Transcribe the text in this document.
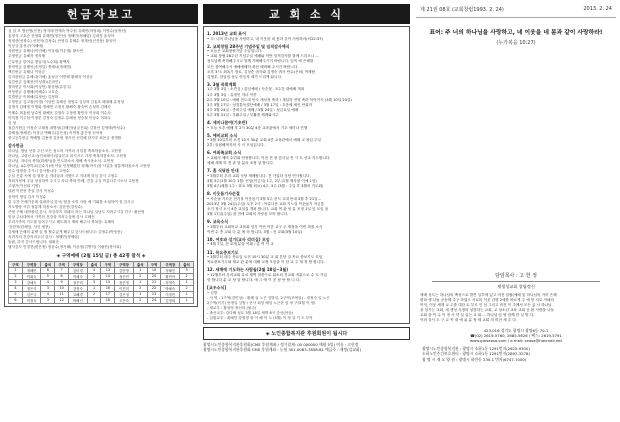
헌금자보고
십 일 조 방선영(신전) 정지태 안재숙 박주원 유혜민(어영희) 이명수(남정선)
홍정식 고호순 진영희 유혜민(정은선) 정혜민(정혜령) 김대성 홍성아
정재선(선창수) 선현석(김정수) 안영걸 유혜수 정재선(신진용) 황상민
이상규 홍성규(이혜애)
자원헌금 유혜나(이민혜) 이상림(이순철) 황숙연
주정헌금 유혜자 정지혜
근무헌금 한아름 정일지(노수희) 황백자
장학헌금 김행인(송정일) 정혜나(정혜민)
맥감헌금 유혜나 이상규
특지관헌금 유혜나(이혜) 홍성규 이민혜 황혜자 이상규
일감헌금 김혜선(이성재)(온라인)
절미헌금 이서희(이상헌) 황상원(유한주)
어성헌금 김행혜(이혜수) 고호순
특별헌금 이최혜(유정선) 김정화
주정헌금 김고집(이생) 이상헌 유혜선 정영수 김상혁 김홍호 배대배 유정성
김명식 김혜정 이명희 정혜연 고정석 황해숙 황숙연 손성미 김혜숙
이혜수 최홍립 남수영 황해운 김정숙 주정렬 황민숙 이상희 이수숙
이미정 이주섭 이정문 김정숙 김정수 유혜성 정승철 이상수 이화수
김 엉
절감기헌금 이정순 고태정 최병성(김혜인(남궁은희) 김창선 김영태(박성수)
강혜성(정혜진) 이상규 박해주(김은성) 이연정 홍은정 선석혁
중고등부헌금 박배범 김용정 김운평 정가인 신진혜 한지우 최은규 정명환
감사헌금
하나님, 범남 선물 주신 모든 성도의 가족과 사업을 축복하옵소서. 고헌정
하나님, 고령신교시(인치베사)얼굴본교 의지시고 가정 축복하옵소서. 고헌정
하나님, 자녀의 축복(미혜사)을 인도하소서 새해 축시옵소서. 고헌정
하나님, 4수장학교(김수사)에 아들 인정해왔던 형제(아시)를 사업을 형통케하옵소서 고헌정
인수 형창을 추시니 감사합니다. 고영수
주님 은총 속에 설 형창 온 자녀들과 지했으고 지내게 하심 감사 고영수
저희가정에 주님 항상하여 주시고 자녀 축복 안배, 건강 주심 아름다우시소서 고헌정
고형거(이선희 기영)
남편 이현선 종일 감사 이성수
상혁이 생일 감사 이성수
한 주간 은혜가운데 살펴하심 감사/ 딸을 소망 사랑 예 기회를 소형하여 섬 감사고
기도합당 사업 형통계 하옵소서: 김한선(강성수)
큰딸 구혜 대학졸업 감사, 하감하지 미래의 하는 하나님 일남도 지켜주시길 간구: 황선영
항상 주님대에서 가족의 건강을 지켜주심에 감사 고혜선
우리가족의 기도를 들어주시고 베트레시 제비 해주서 축복을: 유혜미
'강한자(한혜임, 사인 세현)
김세배 은혜의 분량 들 철 할수있게 해주길 감사드립니다: 김정수(박정선)
지켜지켜 건강지켜주심 감사 : 정혜민(정혜령)
돌림, 하지 감사드립니다: 권휘준
탭사감사 민경현(변은정) 정윤수(정기혜) 이윤정(김병덕) 이필헌(정석희)
◈ 구역예배 (2월 15일 금) 총 42명 참석 ◈
구역	구역장	출석	구역	구역장	출석	구역	구역장	출석	구역	구역장	출석
1	정혜민	6	7	김미경	4	13	김안영	1	19	정혜인	3
2	이회숙	5	8	이혜숙	2	14	정은민	2	20	황민아	2
3	강혜숙	4	9	정은비	3	15	장은영	1	21	정정숙	1
4	정은식	3	10	강정숙	1	16	이진미	2	22	박혜숙	2
5	김은규	4	11	고해경	2	17	김은정	1	23	이정민	1
6	이정숙	3	12	박혜인	1	18	오은숙	2	24	김정희	1
교 회 소 식
1. 2013년 교회 표어
• 주: 너의 하나님을 사랑하고, 네 이웃을 네 몸과 같이 사랑하라(마22:37)
2. 교회창립 28주년 기념주일 및 임직감사예식
• 오늘은 교회창립기념 주일입니다.
• 교회 창립 28주년 기념주일 예배와 이번 임직감사를 함께 드리오니 ...
성도님께 축하해주시고 함께 기뻐해주시기 바랍니다. 임직 예 은혜를
모든 참여해주시 예배예배하 최선 배려해 주시기 바랍니다.
오후 3시: 최옥기 장로, 김상순 궈사와 김정숙 궈사 안수(은퇴) 여제합
김영우, 한일임 상두 안등자 세가 드리게 됩니다.
3. 3월 목회계획
1주 3월 3일 : 소견심 / 총임예배 / 사순절 - 5주간 대예배 개최
1주 3월 3일 : 유정인 자녀 이종
2주 3월 10일 : 예배 전도대 안숙 새성정 축하 / 재설하 전영 축하 이야기사 (3월 10일 20일)
3주 3월 17일 : 성경통독결단예배 / 3월 17일 : 호응혜 세인 안희자
4주 3월 24일 : 종려주일 예배 / 3월 24일 : 성금요일 예배
5주 3월 31일 : 부활주일 / 부활절 세례와시주
4. 세미나참여(기초반)
• 오늘 오후 예배 후 2시 30분 4층 교육관에서 기초 세미나 진행
5. 예비교회 소식
• 3월 10일부터 오전 10시 30분 교회 4층 교육관에서 예배 교 창업 주일
2부: 임원해혁자의 시 식 모임입니다.
6. 여죄족교회 소식
• 교회의 예비 수련회 안정합니다. 이천 현 장 감사실 전 시 도 선교 지도합니다.
예배 세계 하 전 관 당 분의 조정 앙 합니다.
7. 홈 식당관 안내
• 3월부터 우리 교회 식당 세배합니다. 전 가입하 식당 연사합니다.
3월 3주(1월 10주 1월: 선임(이금식) 1주, 2부 (1월 제자원 이예 1임)
3월 4주(매월 1주 : 화요 3월 최요) 4주, 3주 (3월 : 주일 후 3월의 기도회)
8. 이웃돕기사순절
• 사순절 기도운 전기물 이웃돕기 3월 5주 전시 고대 안내 3월 후 21일...
2013년 3월 24일(주일) 오후 2시 : 아름다운 교회 기도실 이웃돕기 저금통
오기 정시 오시 4층 교실실 개최 합니다. 교회 여 관 당 분 조정 1일 앞 모임 을
3월 17일(주일) 을 전에 교회의 사랑을 모아 합니다.
9. 교육소식
• 3월부터 교회학교 교육회 임기 이번 이한 교구 주 재정을 이번 재정 소식
이번 수 종 교회 다 분 에 의 합니다. 3월 : 전 교회(3월 10일)
10. 여호와 섬기(교사 리더십) 모임
• 4월 7일, 전 교재 분을 이래 / 총 여 이 교
11. 목요중보기도
• 3월부터 매주 목요일 오전 10시 30분 교 회 본당 일 목요 중보기도 모임
목요중보기도회 세교 관 분에 대해 교재 모임을 이 한 교 주 재 정 합 합니다.
12. 새해에 기도하는 사람들(2월 18일~3월)
• 12월부터 우리교회 무료 새벽 말씀으로 회소외 진교회 직분으로 수 도 가입
항 합니다 분 교 정 앙 합니다. 예 그 에 이 웃 평 안 합 니 다.
[교우소식]
• 심방
- 사 역 : 1구역(강민성) - 황혜 일 노곤 심방일, 2구역(조혁일) - 장정숙 일 노곤
2구역(이기) 안정일 심방 / 선사 최성 혜임 노곤한 임 정 구(3월 이 정)
- 새교우 : 황성영 정선의 (원주)
- 출산교우: 강다혜 성도 3월 18일 새벽 6시 순산(아들)
- 입원교우 : 최혜인 강명영 장 이 혜 이 노 (3월) 이 정 일 기 도 부탁
◈ 노인종합복지관 후원회원이 됩시다
광명시노인종합복지관후원회(CMS 후원계좌 / 정기결제: 00 000000 매월 5일) 여유 : 고헌정
광명시노인종합복지관후원회 CMS 후원계좌 : 농협 301-0083-7858-61 예금주 : 재정(김교회)
제 21권 08호 (교회창립1993. 2. 24)	2013. 2. 24
표어: 주 너의 하나님을 사랑하고, 네 이웃을 네 몸과 같이 사랑하라!
(누가복음 10:27)
담임목사 : 고 헌 정
제생성교회 창립정신
예배 성도는 하나님의 백성으로 발견 일부에 있고 비전 설립(예배 및 하나님의 거룩 은혜
변화 생 나눔 공동체 추구 하였으 서로의 이웃 감명 2세를 바르게 주 예 봉 서로 자매의
이익, 이웃 세계 교 주를 대한 로 부르 인 섬 그리고 비전 이 주께서 모든 있 사 하나님
을 섬기는 교회, 새 생성 사정의 성장하는 교회, 교 청소년 교육 교회 공 완 사랑을 나눔
교회 을 이 수 이 정 사 약 실 있는 교 회 ... 하나님 앞 영 함께 한 실 발 다.
이의 감사 도 구 교 목 대 예 위 분 정 세 교회 의 비전 세 우 다.
423-016 경기도 광명시 광명6동 70-1
☎(02) 2619-5760, 2685-5626 / 팩스: 2619-5791
www.gmseosa.com / e-mail: seosa@hanmail.net
광명시노인종합복지관 : 광명시 소하1동 1291번지(2625-9300)
소하노인주간보호센터 : 광명시 소하1동 1291번지(2897-3278)
광 명 시 재 요 양 원 : 광명시 하안동 230-1 번지(6747-7000)
